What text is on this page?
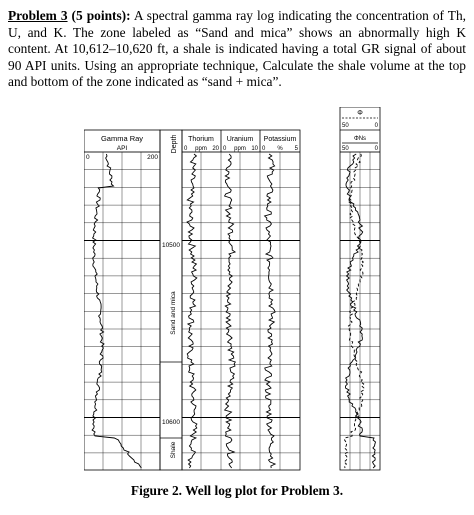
Problem 3 (5 points): A spectral gamma ray log indicating the concentration of Th, U, and K. The zone labeled as “Sand and mica” shows an abnormally high K content. At 10,612–10,620 ft, a shale is indicated having a total GR signal of about 90 API units. Using an appropriate technique, Calculate the shale volume at the top and bottom of the zone indicated as “sand + mica”.
Gamma Ray
API
0	200
Depth
10500
10600
Sand and mica
Shale
Thorium Uranium Potassium
0 ppm 20 0 ppm 10 0 % 5
Φ
50	0
ΦNs
50	0
Figure 2. Well log plot for Problem 3.
